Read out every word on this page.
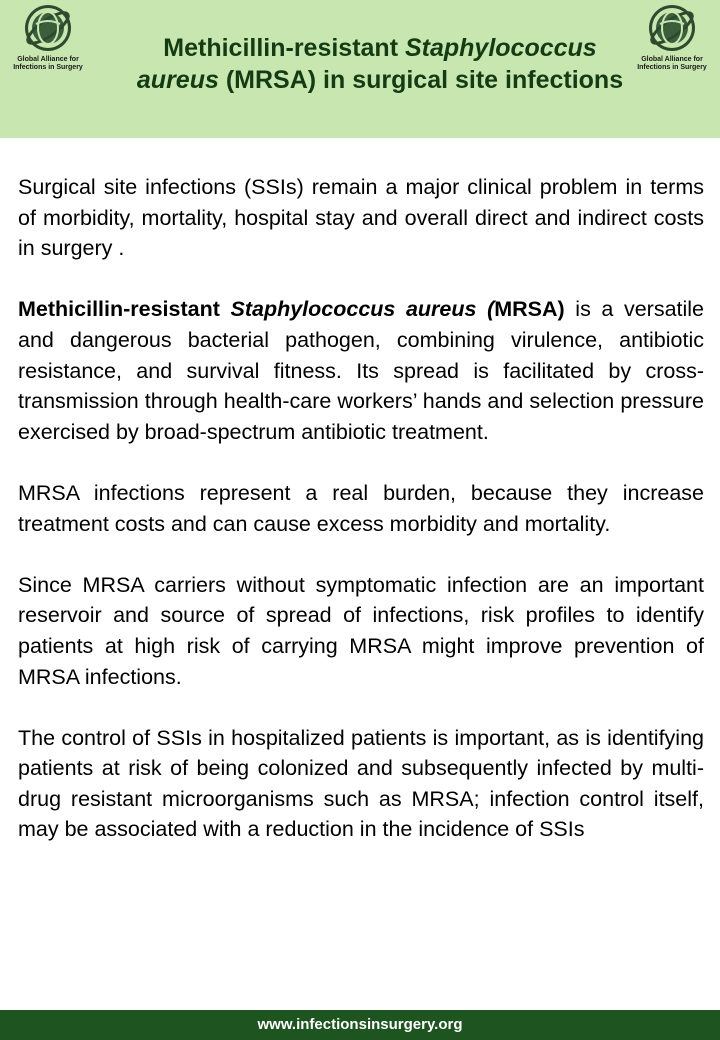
Global Alliance for
Infections in Surgery
Methicillin-resistant Staphylococcus aureus (MRSA) in surgical site infections
Global Alliance for
Infections in Surgery

Surgical site infections (SSIs) remain a major clinical problem in terms of morbidity, mortality, hospital stay and overall direct and indirect costs in surgery .

Methicillin-resistant Staphylococcus aureus (MRSA) is a versatile and dangerous bacterial pathogen, combining virulence, antibiotic resistance, and survival fitness. Its spread is facilitated by cross-transmission through health-care workers’ hands and selection pressure exercised by broad-spectrum antibiotic treatment.

MRSA infections represent a real burden, because they increase treatment costs and can cause excess morbidity and mortality.

Since MRSA carriers without symptomatic infection are an important reservoir and source of spread of infections, risk profiles to identify patients at high risk of carrying MRSA might improve prevention of MRSA infections.

The control of SSIs in hospitalized patients is important, as is identifying patients at risk of being colonized and subsequently infected by multi-drug resistant microorganisms such as MRSA; infection control itself, may be associated with a reduction in the incidence of SSIs

www.infectionsinsurgery.org
